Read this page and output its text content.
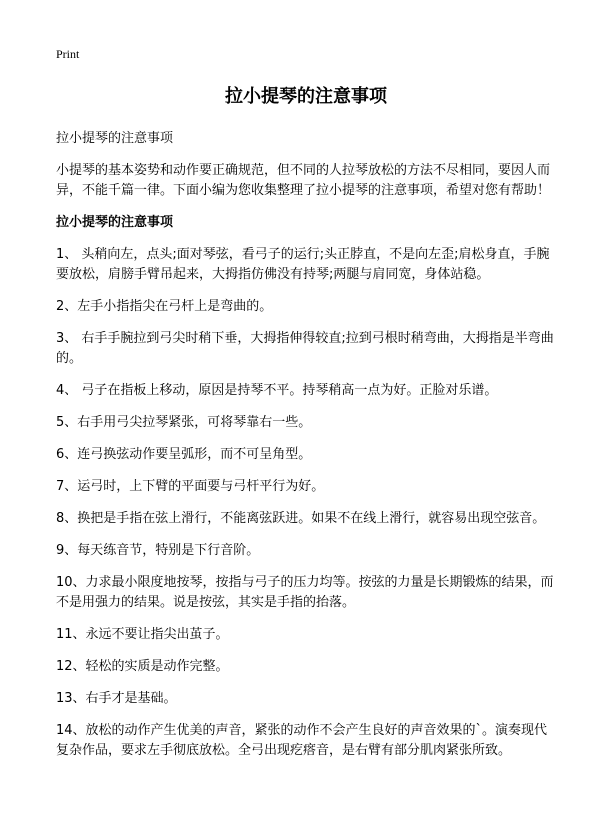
Print
拉小提琴的注意事项

拉小提琴的注意事项

小提琴的基本姿势和动作要正确规范，但不同的人拉琴放松的方法不尽相同，要因人而异，不能千篇一律。下面小编为您收集整理了拉小提琴的注意事项，希望对您有帮助！

拉小提琴的注意事项

1、 头稍向左，点头;面对琴弦，看弓子的运行;头正脖直，不是向左歪;肩松身直，手腕要放松，肩膀手臂吊起来，大拇指仿佛没有持琴;两腿与肩同宽，身体站稳。
2、左手小指指尖在弓杆上是弯曲的。
3、 右手手腕拉到弓尖时稍下垂，大拇指伸得较直;拉到弓根时稍弯曲，大拇指是半弯曲的。
4、 弓子在指板上移动，原因是持琴不平。持琴稍高一点为好。正脸对乐谱。
5、右手用弓尖拉琴紧张，可将琴靠右一些。
6、连弓换弦动作要呈弧形，而不可呈角型。
7、运弓时，上下臂的平面要与弓杆平行为好。
8、换把是手指在弦上滑行，不能离弦跃进。如果不在线上滑行，就容易出现空弦音。
9、每天练音节，特别是下行音阶。
10、力求最小限度地按琴，按指与弓子的压力均等。按弦的力量是长期锻炼的结果，而不是用强力的结果。说是按弦，其实是手指的抬落。
11、永远不要让指尖出茧子。
12、轻松的实质是动作完整。
13、右手才是基础。
14、放松的动作产生优美的声音，紧张的动作不会产生良好的声音效果的`。演奏现代复杂作品，要求左手彻底放松。全弓出现疙瘩音，是右臂有部分肌肉紧张所致。
